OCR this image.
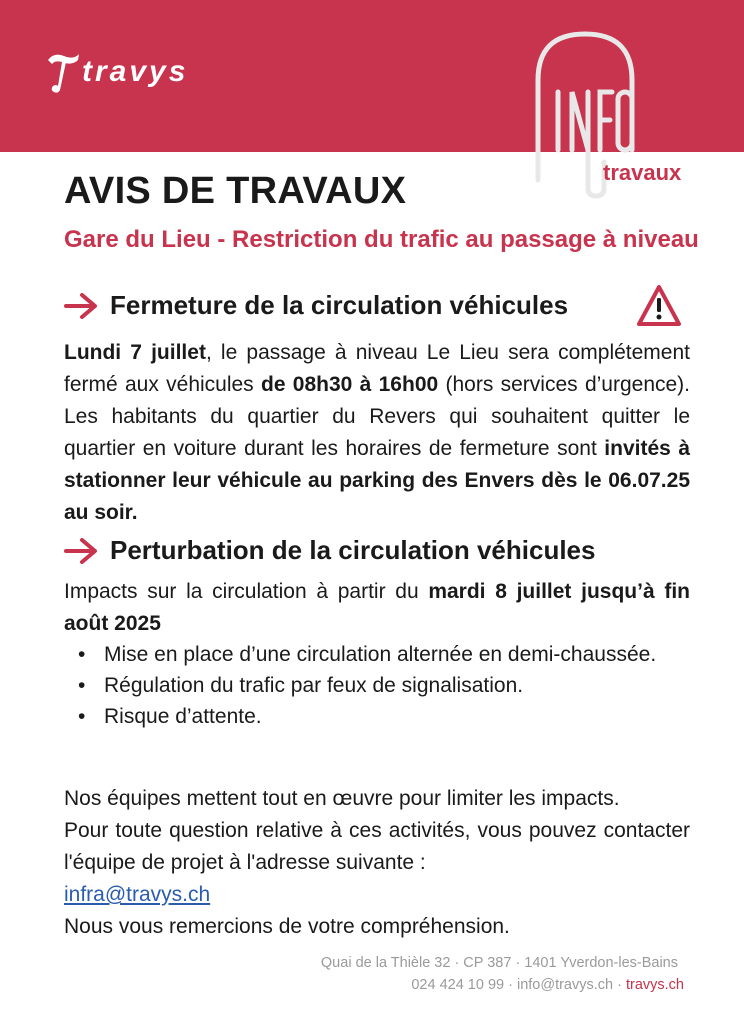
travys
travaux
AVIS DE TRAVAUX
Gare du Lieu - Restriction du trafic au passage à niveau
Fermeture de la circulation véhicules

Lundi 7 juillet, le passage à niveau Le Lieu sera complétement fermé aux véhicules de 08h30 à 16h00 (hors services d’urgence). Les habitants du quartier du Revers qui souhaitent quitter le quartier en voiture durant les horaires de fermeture sont invités à stationner leur véhicule au parking des Envers dès le 06.07.25 au soir.

Perturbation de la circulation véhicules

Impacts sur la circulation à partir du mardi 8 juillet jusqu’à fin août 2025

• Mise en place d’une circulation alternée en demi-chaussée.
• Régulation du trafic par feux de signalisation.
• Risque d’attente.
Nos équipes mettent tout en œuvre pour limiter les impacts.
Pour toute question relative à ces activités, vous pouvez contacter l'équipe de projet à l'adresse suivante :
infra@travys.ch
Nous vous remercions de votre compréhension.
Quai de la Thièle 32 · CP 387 · 1401 Yverdon-les-Bains
024 424 10 99 · info@travys.ch · travys.ch
